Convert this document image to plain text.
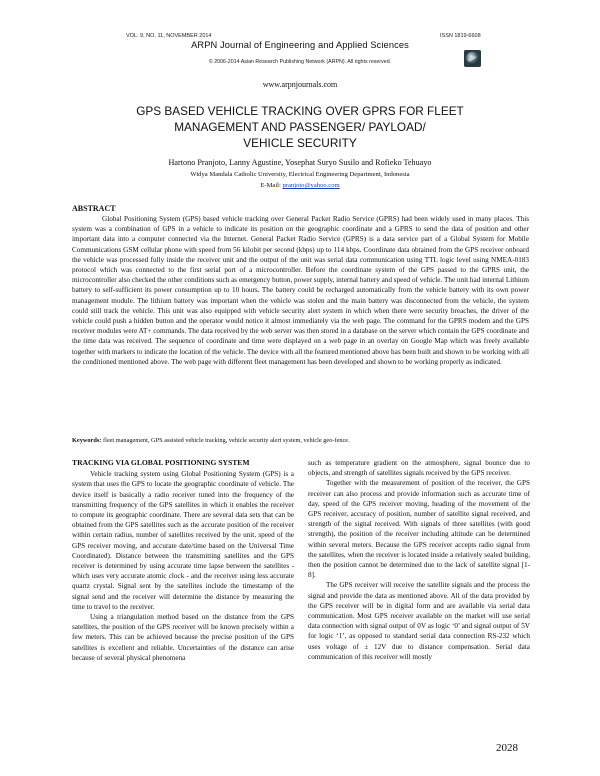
VOL. 9, NO. 11, NOVEMBER 2014	ISSN 1819-6608
ARPN Journal of Engineering and Applied Sciences
© 2006-2014 Asian Research Publishing Network (ARPN). All rights reserved.
www.arpnjournals.com
GPS BASED VEHICLE TRACKING OVER GPRS FOR FLEET
MANAGEMENT AND PASSENGER/ PAYLOAD/
VEHICLE SECURITY
Hartono Pranjoto, Lanny Agustine, Yosephat Suryo Susilo and Rofieko Tehuayo
Widya Mandala Catholic University, Electrical Engineering Department, Indonesia
E-Mail: pranjoto@yahoo.com
ABSTRACT

Global Positioning System (GPS) based vehicle tracking over General Packet Radio Service (GPRS) had been widely used in many places. This system was a combination of GPS in a vehicle to indicate its position on the geographic coordinate and a GPRS to send the data of position and other important data into a computer connected via the Internet. General Packet Radio Service (GPRS) is a data service part of a Global System for Mobile Communications GSM cellular phone with speed from 56 kilobit per second (kbps) up to 114 kbps. Coordinate data obtained from the GPS receiver onboard the vehicle was processed fully inside the receiver unit and the output of the unit was serial data communication using TTL logic level using NMEA-0183 protocol which was connected to the first serial port of a microcontroller. Before the coordinate system of the GPS passed to the GPRS unit, the microcontroller also checked the other conditions such as emergency button, power supply, internal battery and speed of vehicle. The unit had internal Lithium battery to self-sufficient its power consumption up to 10 hours. The battery could be recharged automatically from the vehicle battery with its own power management module. The lithium battery was important when the vehicle was stolen and the main battery was disconnected from the vehicle, the system could still track the vehicle. This unit was also equipped with vehicle security alert system in which when there were security breaches, the driver of the vehicle could push a hidden button and the operator would notice it almost immediately via the web page. The command for the GPRS modem and the GPS receiver modules were AT+ commands. The data received by the web server was then stored in a database on the server which contain the GPS coordinate and the time data was received. The sequence of coordinate and time were displayed on a web page in an overlay on Google Map which was freely available together with markers to indicate the location of the vehicle. The device with all the featured mentioned above has been built and shown to be working with all the conditioned mentioned above. The web page with different fleet management has been developed and shown to be working properly as indicated.

Keywords: fleet management, GPS assisted vehicle tracking, vehicle security alert system, vehicle geo-fence.
TRACKING VIA GLOBAL POSITIONING SYSTEM

Vehicle tracking system using Global Positioning System (GPS) is a system that uses the GPS to locate the geographic coordinate of vehicle. The device itself is basically a radio receiver tuned into the frequency of the transmitting frequency of the GPS satellites in which it enables the receiver to compute its geographic coordinate. There are several data sets that can be obtained from the GPS satellites such as the accurate position of the receiver within certain radius, number of satellites received by the unit, speed of the GPS receiver moving, and accurate date/time based on the Universal Time Coordinated). Distance between the transmitting satellites and the GPS receiver is determined by using accurate time lapse between the satellites - which uses very accurate atomic clock - and the receiver using less accurate quartz crystal. Signal sent by the satellites include the timestamp of the signal send and the receiver will determine the distance by measuring the time to travel to the receiver.

Using a triangulation method based on the distance from the GPS satellites, the position of the GPS receiver will be known precisely within a few meters. This can be achieved because the precise position of the GPS satellites is excellent and reliable. Uncertainties of the distance can arise because of several physical phenomena

such as temperature gradient on the atmosphere, signal bounce due to objects, and strength of satellites signals received by the GPS receiver.

Together with the measurement of position of the receiver, the GPS receiver can also process and provide information such as accurate time of day, speed of the GPS receiver moving, heading of the movement of the GPS receiver, accuracy of position, number of satellite signal received, and strength of the signal received. With signals of three satellites (with good strength), the position of the receiver including altitude can be determined within several meters. Because the GPS receiver accepts radio signal from the satellites, when the receiver is located inside a relatively sealed building, then the position cannot be determined due to the lack of satellite signal [1-8].

The GPS receiver will receive the satellite signals and the process the signal and provide the data as mentioned above. All of the data provided by the GPS receiver will be in digital form and are available via serial data communication. Most GPS receiver available on the market will use serial data connection with signal output of 0V as logic ‘0’ and signal output of 5V for logic ‘1’, as opposed to standard serial data connection RS-232 which uses voltage of ± 12V due to distance compensation. Serial data communication of this receiver will mostly

2028
